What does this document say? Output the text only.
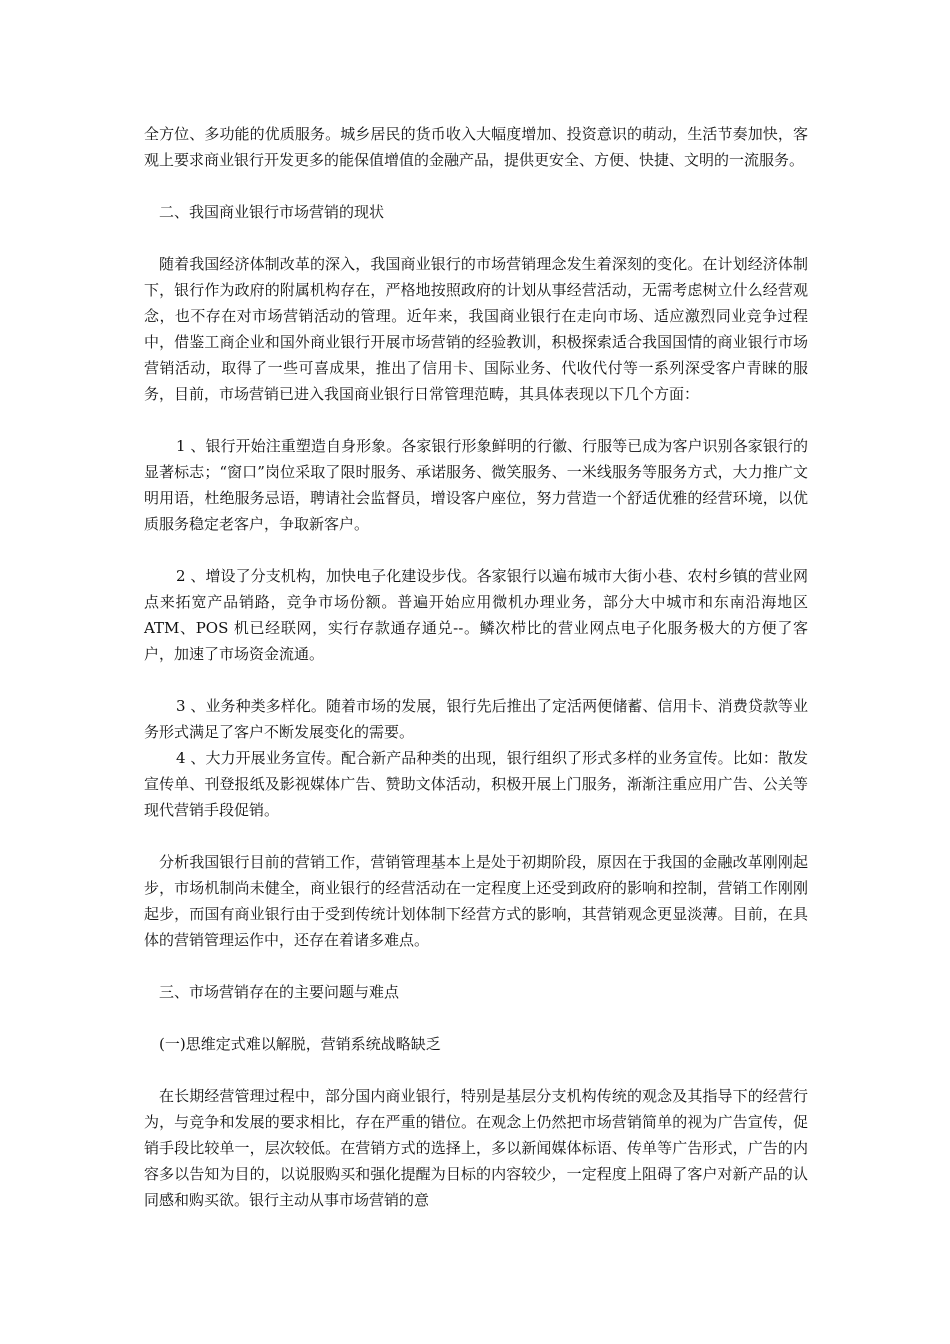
全方位、多功能的优质服务。城乡居民的货币收入大幅度增加、投资意识的萌动，生活节奏加快，客观上要求商业银行开发更多的能保值增值的金融产品，提供更安全、方便、快捷、文明的一流服务。

二、我国商业银行市场营销的现状

随着我国经济体制改革的深入，我国商业银行的市场营销理念发生着深刻的变化。在计划经济体制下，银行作为政府的附属机构存在，严格地按照政府的计划从事经营活动，无需考虑树立什么经营观念，也不存在对市场营销活动的管理。近年来，我国商业银行在走向市场、适应激烈同业竞争过程中，借鉴工商企业和国外商业银行开展市场营销的经验教训，积极探索适合我国国情的商业银行市场营销活动，取得了一些可喜成果，推出了信用卡、国际业务、代收代付等一系列深受客户青睐的服务，目前，市场营销已进入我国商业银行日常管理范畴，其具体表现以下几个方面：

1 、银行开始注重塑造自身形象。各家银行形象鲜明的行徽、行服等已成为客户识别各家银行的显著标志；“窗口”岗位采取了限时服务、承诺服务、微笑服务、一米线服务等服务方式，大力推广文明用语，杜绝服务忌语，聘请社会监督员，增设客户座位，努力营造一个舒适优雅的经营环境，以优质服务稳定老客户，争取新客户。

2 、增设了分支机构，加快电子化建设步伐。各家银行以遍布城市大街小巷、农村乡镇的营业网点来拓宽产品销路，竞争市场份额。普遍开始应用微机办理业务，部分大中城市和东南沿海地区 ATM、POS 机已经联网，实行存款通存通兑--。鳞次栉比的营业网点电子化服务极大的方便了客户，加速了市场资金流通。

3 、业务种类多样化。随着市场的发展，银行先后推出了定活两便储蓄、信用卡、消费贷款等业务形式满足了客户不断发展变化的需要。

4 、大力开展业务宣传。配合新产品种类的出现，银行组织了形式多样的业务宣传。比如：散发宣传单、刊登报纸及影视媒体广告、赞助文体活动，积极开展上门服务，渐渐注重应用广告、公关等现代营销手段促销。

分析我国银行目前的营销工作，营销管理基本上是处于初期阶段，原因在于我国的金融改革刚刚起步，市场机制尚未健全，商业银行的经营活动在一定程度上还受到政府的影响和控制，营销工作刚刚起步，而国有商业银行由于受到传统计划体制下经营方式的影响，其营销观念更显淡薄。目前，在具体的营销管理运作中，还存在着诸多难点。

三、市场营销存在的主要问题与难点

(一)思维定式难以解脱，营销系统战略缺乏

在长期经营管理过程中，部分国内商业银行，特别是基层分支机构传统的观念及其指导下的经营行为，与竞争和发展的要求相比，存在严重的错位。在观念上仍然把市场营销简单的视为广告宣传，促销手段比较单一，层次较低。在营销方式的选择上，多以新闻媒体标语、传单等广告形式，广告的内容多以告知为目的，以说服购买和强化提醒为目标的内容较少，一定程度上阻碍了客户对新产品的认同感和购买欲。银行主动从事市场营销的意
